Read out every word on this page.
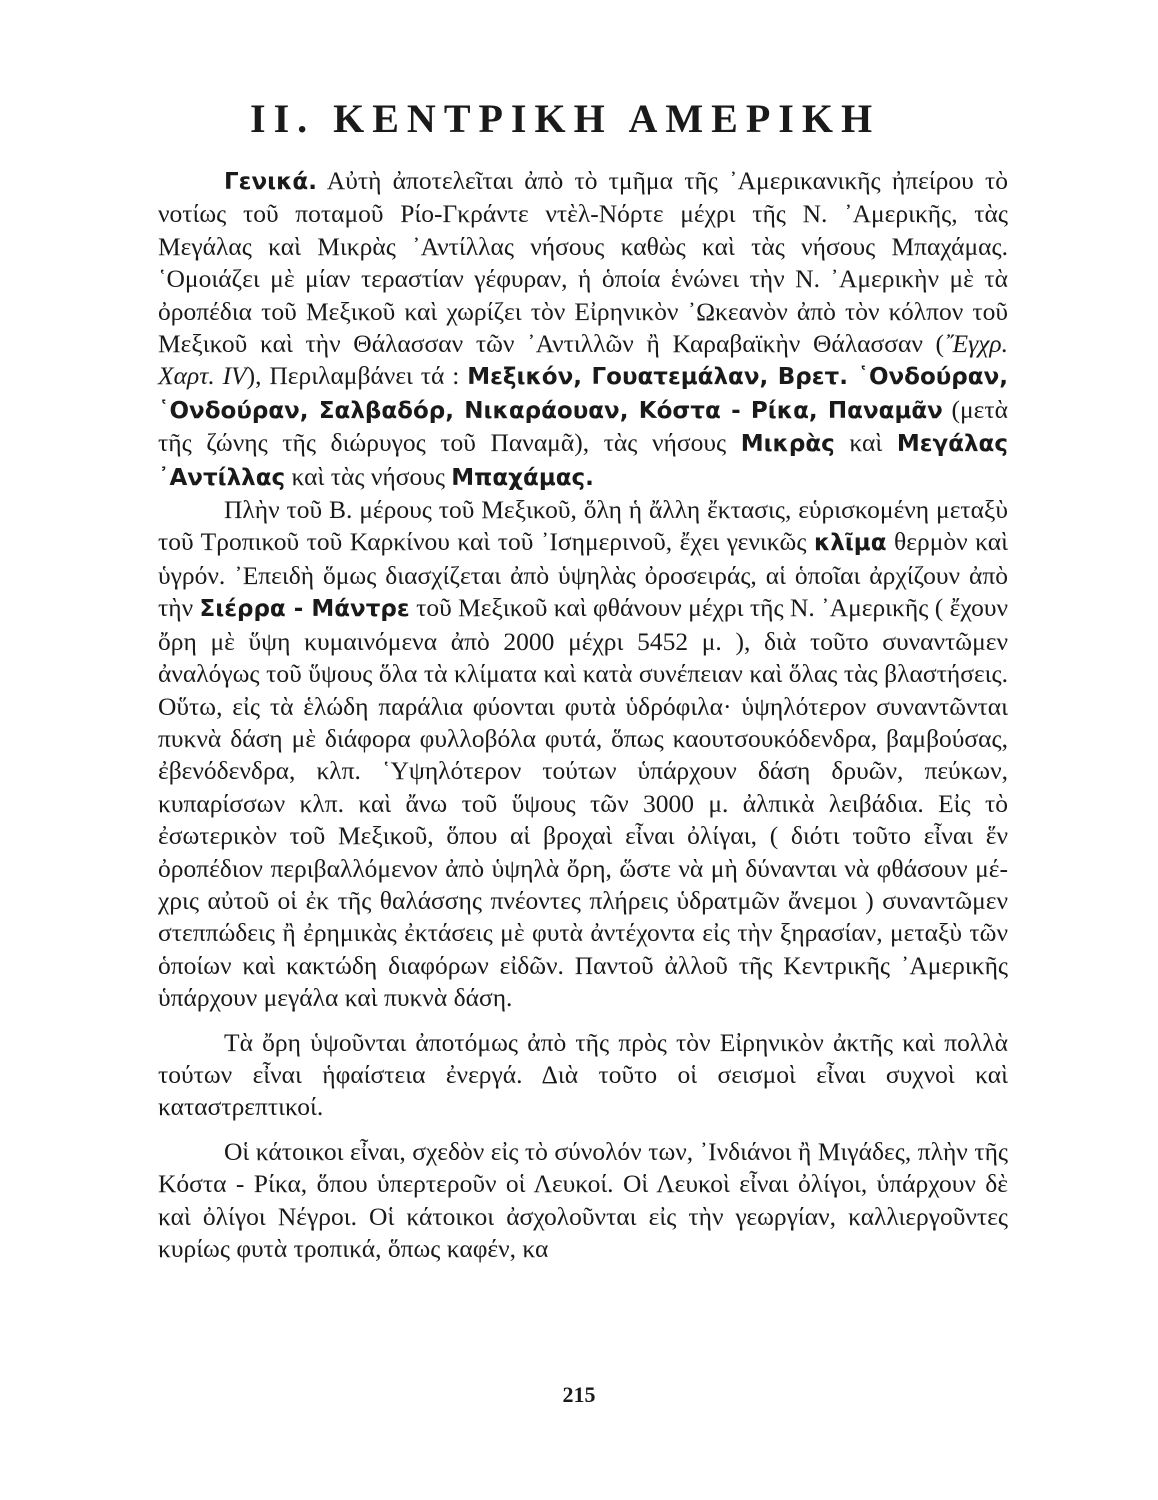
II. ΚΕΝΤΡΙΚΗ ΑΜΕΡΙΚΗ

Γενικά. Αὐτὴ ἀποτελεῖται ἀπὸ τὸ τμῆμα τῆς ᾿Αμερικανικῆς ἠπείρου τὸ νοτίως τοῦ ποταμοῦ Ρίο-Γκράντε ντὲλ-Νόρτε μέχρι τῆς Ν. ᾿Αμερικῆς, τὰς Μεγάλας καὶ Μικρὰς ᾿Αντίλλας νήσους καθὼς καὶ τὰς νήσους Μπαχάμας. ῾Ομοιάζει μὲ μίαν τεραστίαν γέφυραν, ἡ ὁποία ἑνώνει τὴν Ν. ᾿Αμερικὴν μὲ τὰ ὀροπέδια τοῦ Μεξικοῦ καὶ χωρίζει τὸν Εἰρηνικὸν ᾿Ωκεανὸν ἀπὸ τὸν κόλπον τοῦ Μεξικοῦ καὶ τὴν Θάλασσαν τῶν ᾿Αντιλλῶν ἢ Καραβαϊκὴν Θάλασσαν (῎Εγχρ. Χαρτ. IV), Περιλαμβάνει τά : Μεξικόν, Γουατεμάλαν, Βρετ. ῾Ονδούραν, ῾Ονδούραν, Σαλβαδόρ, Νικαράουαν, Κόστα - Ρίκα, Παναμᾶν (μετὰ τῆς ζώνης τῆς διώρυγος τοῦ Παναμᾶ), τὰς νήσους Μικρὰς καὶ Μεγάλας ᾿Αντίλλας καὶ τὰς νήσους Μπαχάμας.

Πλὴν τοῦ Β. μέρους τοῦ Μεξικοῦ, ὅλη ἡ ἄλλη ἔκτασις, εὑρισκομένη μεταξὺ τοῦ Τροπικοῦ τοῦ Καρκίνου καὶ τοῦ ᾿Ισημερινοῦ, ἔχει γενικῶς κλῖμα θερμὸν καὶ ὑγρόν. ᾿Επειδὴ ὅμως διασχίζεται ἀπὸ ὑψηλὰς ὀροσειράς, αἱ ὁποῖαι ἀρχίζουν ἀπὸ τὴν Σιέρρα - Μάντρε τοῦ Μεξικοῦ καὶ φθάνουν μέχρι τῆς Ν. ᾿Αμερικῆς ( ἔχουν ὄρη μὲ ὕψη κυμαινόμενα ἀπὸ 2000 μέχρι 5452 μ. ), διὰ τοῦτο συναντῶμεν ἀναλόγως τοῦ ὕψους ὅλα τὰ κλίματα καὶ κατὰ συνέπειαν καὶ ὅλας τὰς βλαστήσεις. Οὕτω, εἰς τὰ ἑλώδη παράλια φύονται φυτὰ ὑδρόφιλα· ὑψηλότερον συναντῶνται πυκνὰ δάση μὲ διάφορα φυλλοβόλα φυτά, ὅπως καουτσουκόδενδρα, βαμβούσας, ἐβενόδενδρα, κλπ. ῾Υψηλότερον τούτων ὑπάρχουν δάση δρυῶν, πεύκων, κυπαρίσσων κλπ. καὶ ἄνω τοῦ ὕψους τῶν 3000 μ. ἀλπικὰ λειβάδια. Εἰς τὸ ἐσωτερικὸν τοῦ Μεξικοῦ, ὅπου αἱ βροχαὶ εἶναι ὀλίγαι, ( διότι τοῦτο εἶναι ἕν ὀροπέδιον περιβαλλόμενον ἀπὸ ὑψηλὰ ὄρη, ὥστε νὰ μὴ δύνανται νὰ φθάσουν μέχρις αὐτοῦ οἱ ἐκ τῆς θαλάσσης πνέοντες πλήρεις ὑδρατμῶν ἄνεμοι ) συναντῶμεν στεππώδεις ἢ ἐρημικὰς ἐκτάσεις μὲ φυτὰ ἀντέχοντα εἰς τὴν ξηρασίαν, μεταξὺ τῶν ὁποίων καὶ κακτώδη διαφόρων εἰδῶν. Παντοῦ ἀλλοῦ τῆς Κεντρικῆς ᾿Αμερικῆς ὑπάρχουν μεγάλα καὶ πυκνὰ δάση.

Τὰ ὄρη ὑψοῦνται ἀποτόμως ἀπὸ τῆς πρὸς τὸν Εἰρηνικὸν ἀκτῆς καὶ πολλὰ τούτων εἶναι ἡφαίστεια ἐνεργά. Διὰ τοῦτο οἱ σεισμοὶ εἶναι συχνοὶ καὶ καταστρεπτικοί.

Οἱ κάτοικοι εἶναι, σχεδὸν εἰς τὸ σύνολόν των, ᾿Ινδιάνοι ἢ Μιγάδες, πλὴν τῆς Κόστα - Ρίκα, ὅπου ὑπερτεροῦν οἱ Λευκοί. Οἱ Λευκοὶ εἶναι ὀλίγοι, ὑπάρχουν δὲ καὶ ὀλίγοι Νέγροι. Οἱ κάτοικοι ἀσχολοῦνται εἰς τὴν γεωργίαν, καλλιεργοῦντες κυρίως φυτὰ τροπικά, ὅπως καφέν, κα

215
